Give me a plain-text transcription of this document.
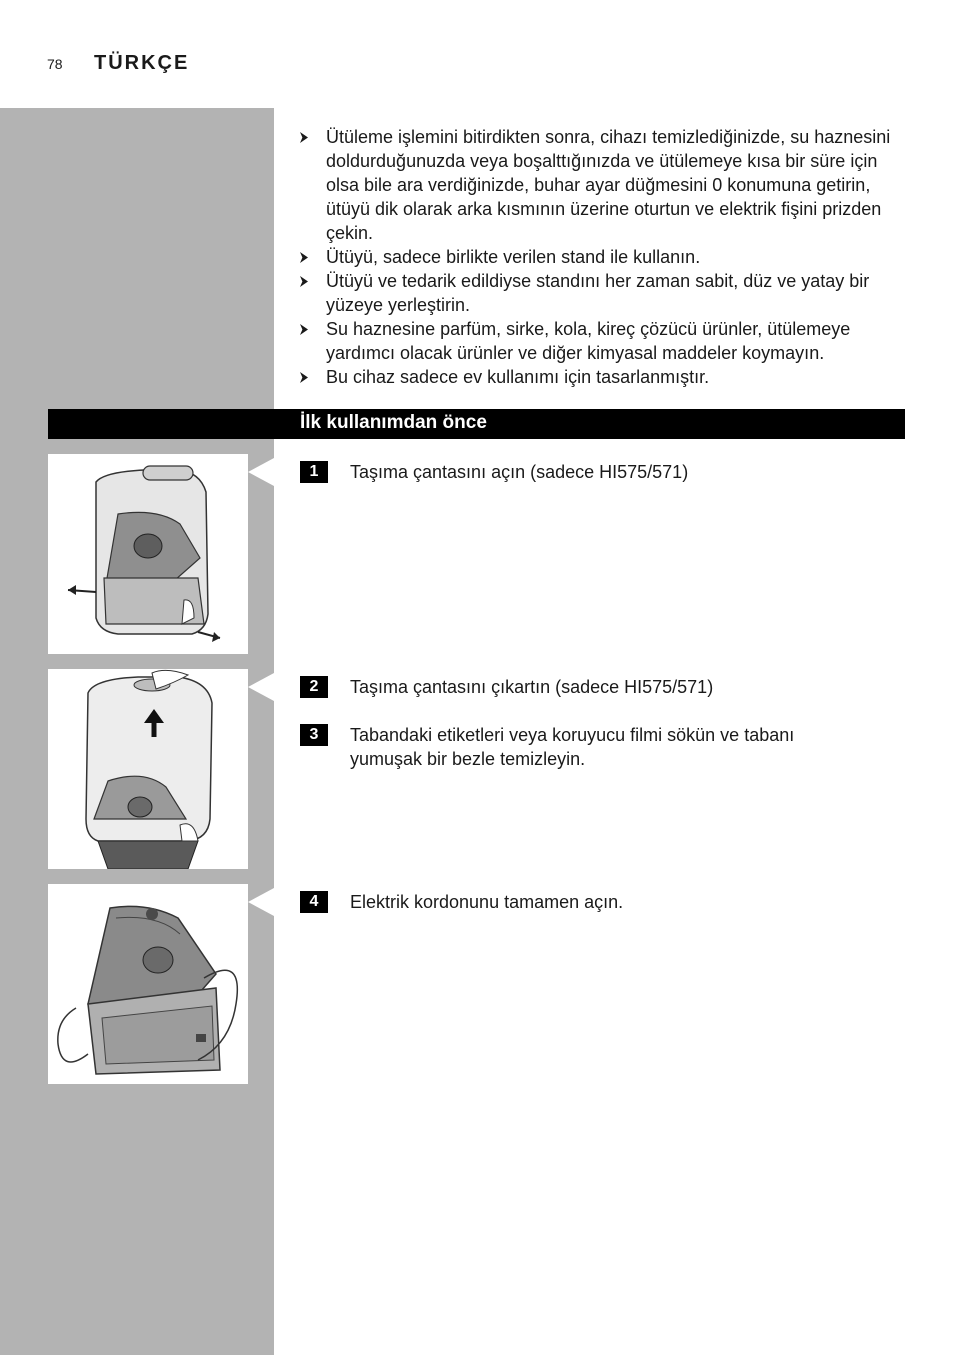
78 TÜRKÇE
Ütüleme işlemini bitirdikten sonra, cihazı temizlediğinizde, su haznesini doldurduğunuzda veya boşalttığınızda ve ütülemeye kısa bir süre için olsa bile ara verdiğinizde, buhar ayar düğmesini 0 konumuna getirin, ütüyü dik olarak arka kısmının üzerine oturtun ve elektrik fişini prizden çekin.
Ütüyü, sadece birlikte verilen stand ile kullanın.
Ütüyü ve tedarik edildiyse standını her zaman sabit, düz ve yatay bir yüzeye yerleştirin.
Su haznesine parfüm, sirke, kola, kireç çözücü ürünler, ütülemeye yardımcı olacak ürünler ve diğer kimyasal maddeler koymayın.
Bu cihaz sadece ev kullanımı için tasarlanmıştır.
İlk kullanımdan önce
1	Taşıma çantasını açın (sadece HI575/571)
2	Taşıma çantasını çıkartın (sadece HI575/571)
3	Tabandaki etiketleri veya koruyucu filmi sökün ve tabanı yumuşak bir bezle temizleyin.
4	Elektrik kordonunu tamamen açın.
